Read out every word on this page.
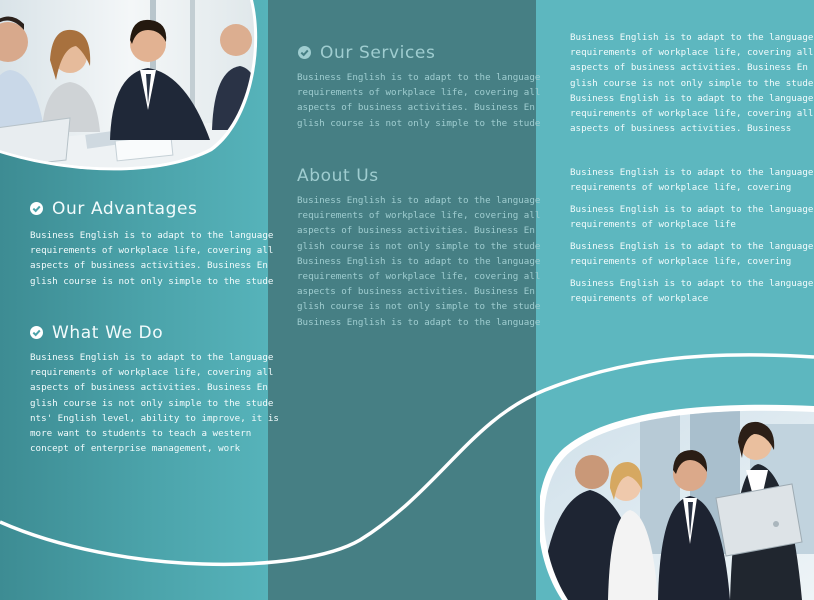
Our Advantages
Business English is to adapt to the language
requirements of workplace life, covering all
aspects of business activities. Business En
glish course is not only simple to the stude
What We Do
Business English is to adapt to the language
requirements of workplace life, covering all
aspects of business activities. Business En
glish course is not only simple to the stude
nts' English level, ability to improve, it is
more want to students to teach a western
concept of enterprise management, work
Our Services
Business English is to adapt to the language
requirements of workplace life, covering all
aspects of business activities. Business En
glish course is not only simple to the stude
About Us
Business English is to adapt to the language
requirements of workplace life, covering all
aspects of business activities. Business En
glish course is not only simple to the stude
Business English is to adapt to the language
requirements of workplace life, covering all
aspects of business activities. Business En
glish course is not only simple to the stude
Business English is to adapt to the language
Business English is to adapt to the language
requirements of workplace life, covering all
aspects of business activities. Business En
glish course is not only simple to the stude
Business English is to adapt to the language
requirements of workplace life, covering all
aspects of business activities. Business
Business English is to adapt to the language
requirements of workplace life, covering
Business English is to adapt to the language
requirements of workplace life
Business English is to adapt to the language
requirements of workplace life, covering
Business English is to adapt to the language
requirements of workplace
